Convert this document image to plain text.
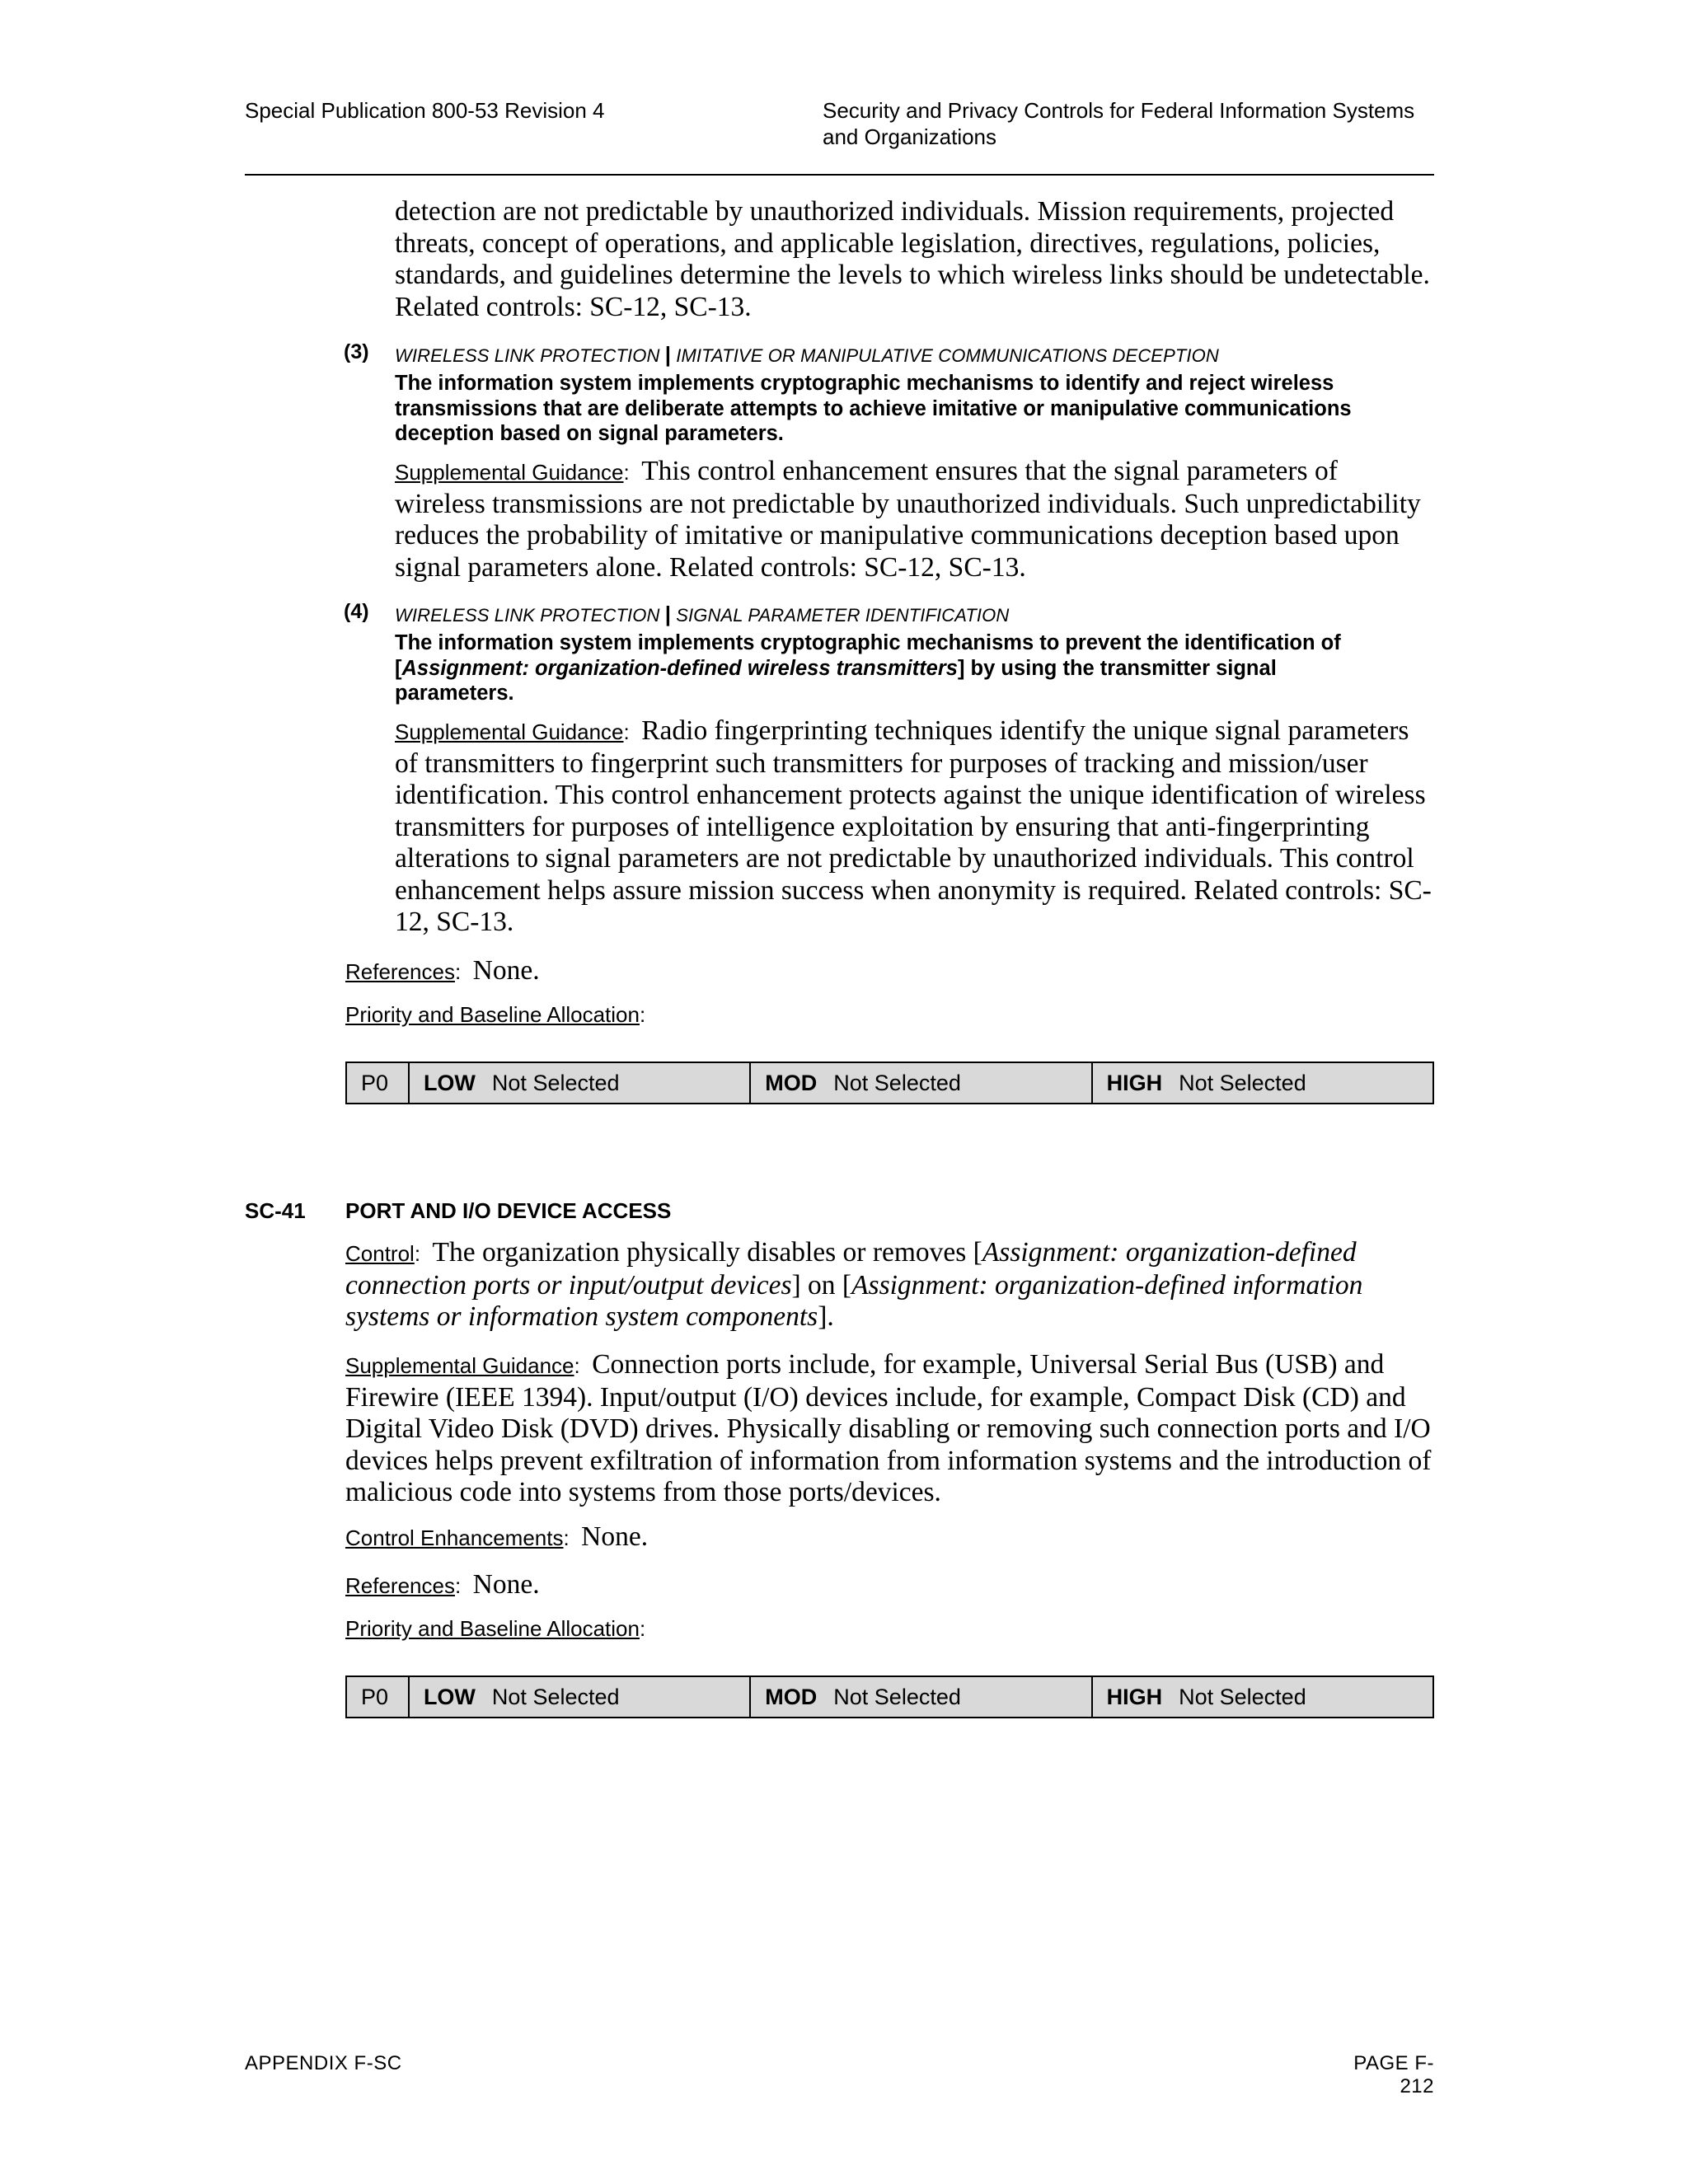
Special Publication 800-53 Revision 4	Security and Privacy Controls for Federal Information Systems
and Organizations
detection are not predictable by unauthorized individuals. Mission requirements, projected
threats, concept of operations, and applicable legislation, directives, regulations, policies,
standards, and guidelines determine the levels to which wireless links should be undetectable.
Related controls: SC-12, SC-13.
(3) WIRELESS LINK PROTECTION | IMITATIVE OR MANIPULATIVE COMMUNICATIONS DECEPTION
The information system implements cryptographic mechanisms to identify and reject wireless
transmissions that are deliberate attempts to achieve imitative or manipulative communications
deception based on signal parameters.
Supplemental Guidance:  This control enhancement ensures that the signal parameters of
wireless transmissions are not predictable by unauthorized individuals. Such unpredictability
reduces the probability of imitative or manipulative communications deception based upon
signal parameters alone. Related controls: SC-12, SC-13.
(4) WIRELESS LINK PROTECTION | SIGNAL PARAMETER IDENTIFICATION
The information system implements cryptographic mechanisms to prevent the identification of
[Assignment: organization-defined wireless transmitters] by using the transmitter signal
parameters.
Supplemental Guidance:  Radio fingerprinting techniques identify the unique signal parameters
of transmitters to fingerprint such transmitters for purposes of tracking and mission/user
identification. This control enhancement protects against the unique identification of wireless
transmitters for purposes of intelligence exploitation by ensuring that anti-fingerprinting
alterations to signal parameters are not predictable by unauthorized individuals. This control
enhancement helps assure mission success when anonymity is required. Related controls: SC-
12, SC-13.
References:  None.
Priority and Baseline Allocation:
P0	LOW Not Selected	MOD Not Selected	HIGH Not Selected
SC-41 PORT AND I/O DEVICE ACCESS
Control:  The organization physically disables or removes [Assignment: organization-defined
connection ports or input/output devices] on [Assignment: organization-defined information
systems or information system components].
Supplemental Guidance:  Connection ports include, for example, Universal Serial Bus (USB) and
Firewire (IEEE 1394). Input/output (I/O) devices include, for example, Compact Disk (CD) and
Digital Video Disk (DVD) drives. Physically disabling or removing such connection ports and I/O
devices helps prevent exfiltration of information from information systems and the introduction of
malicious code into systems from those ports/devices.
Control Enhancements:  None.
References:  None.
Priority and Baseline Allocation:
P0	LOW Not Selected	MOD Not Selected	HIGH Not Selected
APPENDIX F-SC	PAGE F-212
